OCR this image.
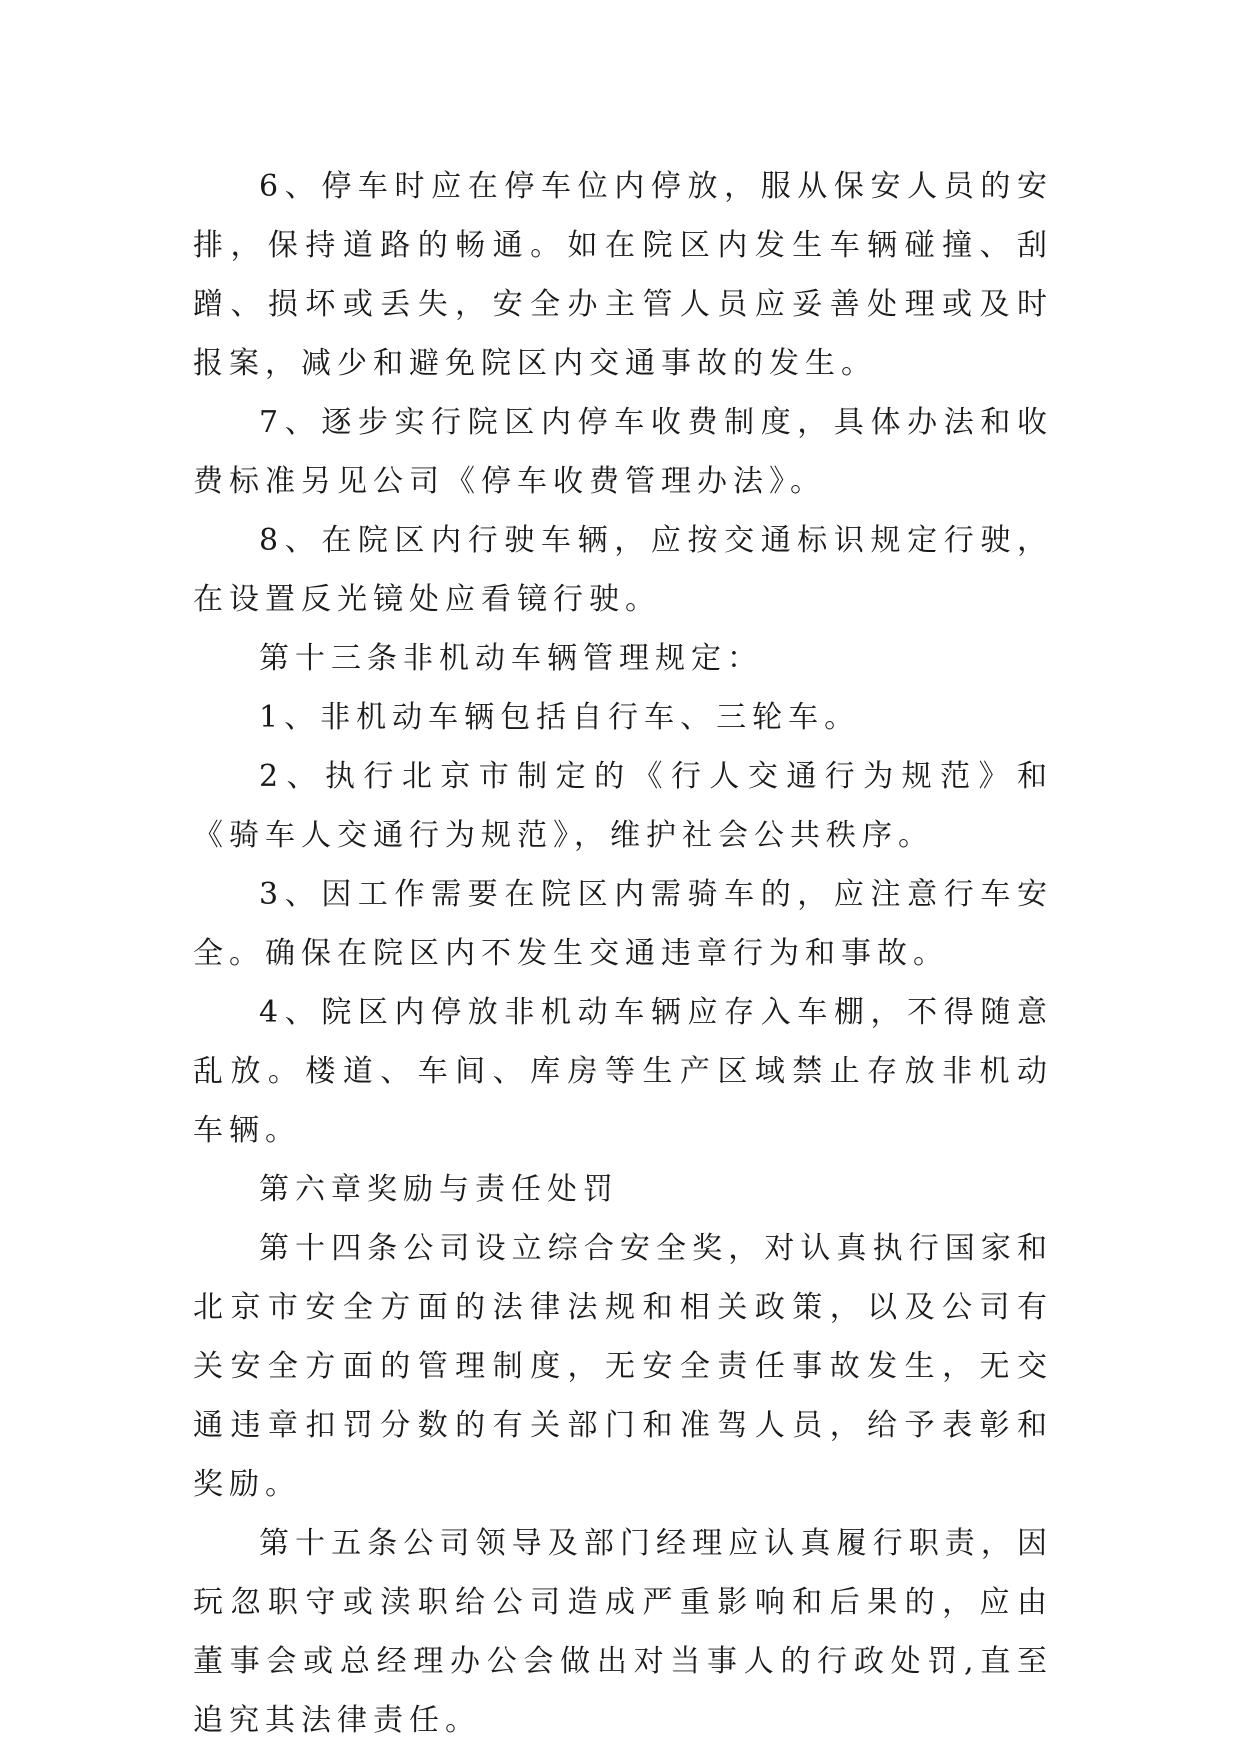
6、停车时应在停车位内停放，服从保安人员的安排，保持道路的畅通。如在院区内发生车辆碰撞、刮蹭、损坏或丢失，安全办主管人员应妥善处理或及时报案，减少和避免院区内交通事故的发生。

7、逐步实行院区内停车收费制度，具体办法和收费标准另见公司《停车收费管理办法》。

8、在院区内行驶车辆，应按交通标识规定行驶，在设置反光镜处应看镜行驶。

第十三条非机动车辆管理规定：

1、非机动车辆包括自行车、三轮车。

2、执行北京市制定的《行人交通行为规范》和《骑车人交通行为规范》，维护社会公共秩序。

3、因工作需要在院区内需骑车的，应注意行车安全。确保在院区内不发生交通违章行为和事故。

4、院区内停放非机动车辆应存入车棚，不得随意乱放。楼道、车间、库房等生产区域禁止存放非机动车辆。

第六章奖励与责任处罚

第十四条公司设立综合安全奖，对认真执行国家和北京市安全方面的法律法规和相关政策，以及公司有关安全方面的管理制度，无安全责任事故发生，无交通违章扣罚分数的有关部门和准驾人员，给予表彰和奖励。

第十五条公司领导及部门经理应认真履行职责，因玩忽职守或渎职给公司造成严重影响和后果的，应由董事会或总经理办公会做出对当事人的行政处罚,直至追究其法律责任。
